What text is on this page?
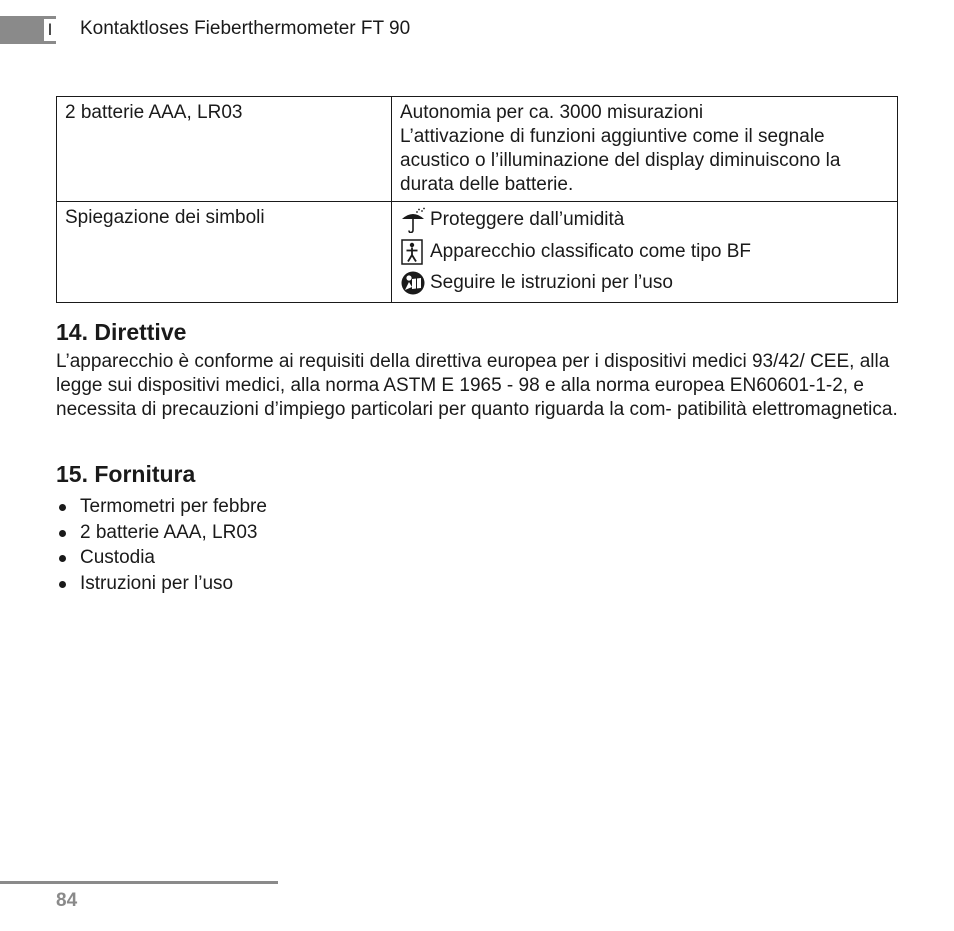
I Kontaktloses Fieberthermometer FT 90
2 batterie AAA, LR03	Autonomia per ca. 3000 misurazioni
L’attivazione di funzioni aggiuntive come il segnale acustico o l’illuminazione del display diminuiscono la durata delle batterie.

Spiegazione dei simboli	Proteggere dall’umidità
Apparecchio classificato come tipo BF
Seguire le istruzioni per l’uso
14. Direttive

L’apparecchio è conforme ai requisiti della direttiva europea per i dispositivi medici 93/42/ CEE, alla legge sui dispositivi medici, alla norma ASTM E 1965 - 98 e alla norma europea EN60601-1-2, e necessita di precauzioni d’impiego particolari per quanto riguarda la com- patibilità elettromagnetica.

15. Fornitura
Termometri per febbre
2 batterie AAA, LR03
Custodia
Istruzioni per l’uso
84
